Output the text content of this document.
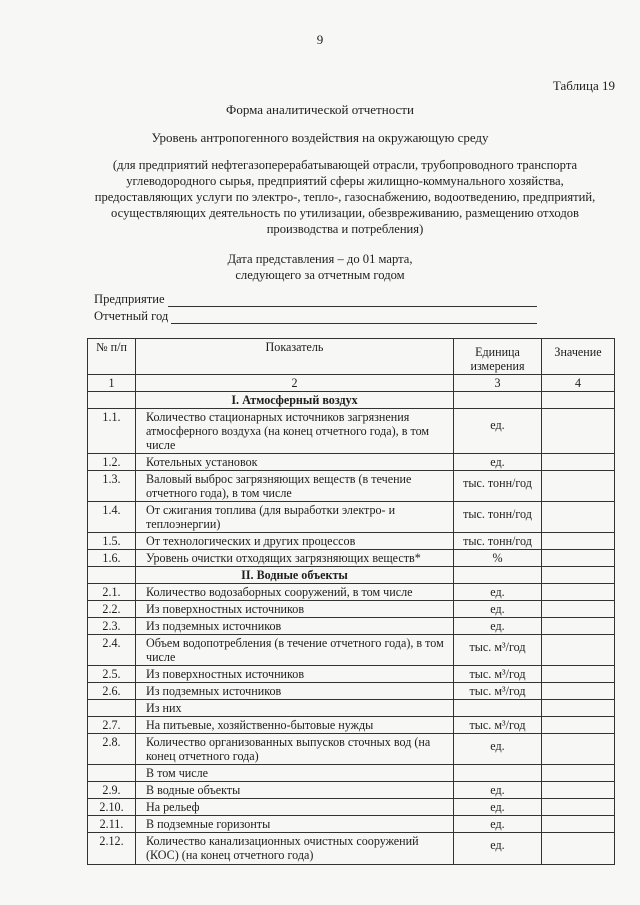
9
Таблица 19
Форма аналитической отчетности
Уровень антропогенного воздействия на окружающую среду
(для предприятий нефтегазоперерабатывающей отрасли, трубопроводного транспорта
углеводородного сырья, предприятий сферы жилищно-коммунального хозяйства,
предоставляющих услуги по электро-, тепло-, газоснабжению, водоотведению, предприятий,
осуществляющих деятельность по утилизации, обезвреживанию, размещению отходов
производства и потребления)
Дата представления – до 01 марта,
следующего за отчетным годом
Предприятие
Отчетный год
№ п/п	Показатель	Единица измерения	Значение
1	2	3	4
	I. Атмосферный воздух		
1.1.	Количество стационарных источников загрязнения атмосферного воздуха (на конец отчетного года), в том числе	ед.	
1.2.	Котельных установок	ед.	
1.3.	Валовый выброс загрязняющих веществ (в течение отчетного года), в том числе	тыс. тонн/год	
1.4.	От сжигания топлива (для выработки электро- и теплоэнергии)	тыс. тонн/год	
1.5.	От технологических и других процессов	тыс. тонн/год	
1.6.	Уровень очистки отходящих загрязняющих веществ*	%	
	II. Водные объекты		
2.1.	Количество водозаборных сооружений, в том числе	ед.	
2.2.	Из поверхностных источников	ед.	
2.3.	Из подземных источников	ед.	
2.4.	Объем водопотребления (в течение отчетного года), в том числе	тыс. м³/год	
2.5.	Из поверхностных источников	тыс. м³/год	
2.6.	Из подземных источников	тыс. м³/год	
	Из них		
2.7.	На питьевые, хозяйственно-бытовые нужды	тыс. м³/год	
2.8.	Количество организованных выпусков сточных вод (на конец отчетного года)	ед.	
	В том числе		
2.9.	В водные объекты	ед.	
2.10.	На рельеф	ед.	
2.11.	В подземные горизонты	ед.	
2.12.	Количество канализационных очистных сооружений (КОС) (на конец отчетного года)	ед.	
